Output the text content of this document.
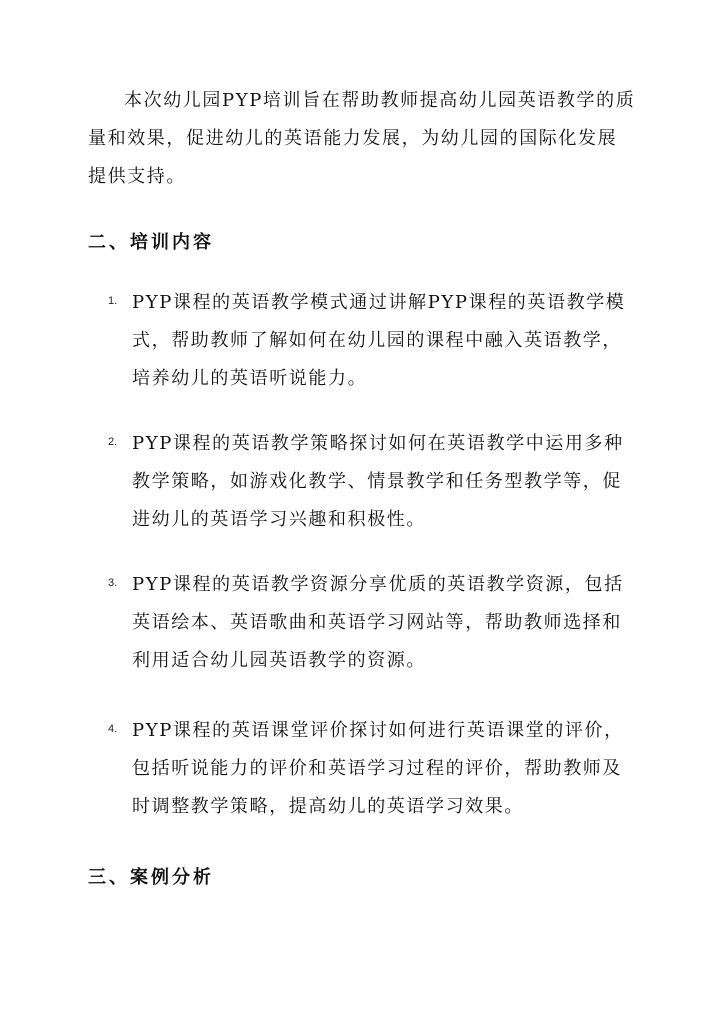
本次幼儿园PYP培训旨在帮助教师提高幼儿园英语教学的质量和效果，促进幼儿的英语能力发展，为幼儿园的国际化发展提供支持。

二、培训内容
1. PYP课程的英语教学模式通过讲解PYP课程的英语教学模式，帮助教师了解如何在幼儿园的课程中融入英语教学，培养幼儿的英语听说能力。
2. PYP课程的英语教学策略探讨如何在英语教学中运用多种教学策略，如游戏化教学、情景教学和任务型教学等，促进幼儿的英语学习兴趣和积极性。
3. PYP课程的英语教学资源分享优质的英语教学资源，包括英语绘本、英语歌曲和英语学习网站等，帮助教师选择和利用适合幼儿园英语教学的资源。
4. PYP课程的英语课堂评价探讨如何进行英语课堂的评价，包括听说能力的评价和英语学习过程的评价，帮助教师及时调整教学策略，提高幼儿的英语学习效果。
三、案例分析
